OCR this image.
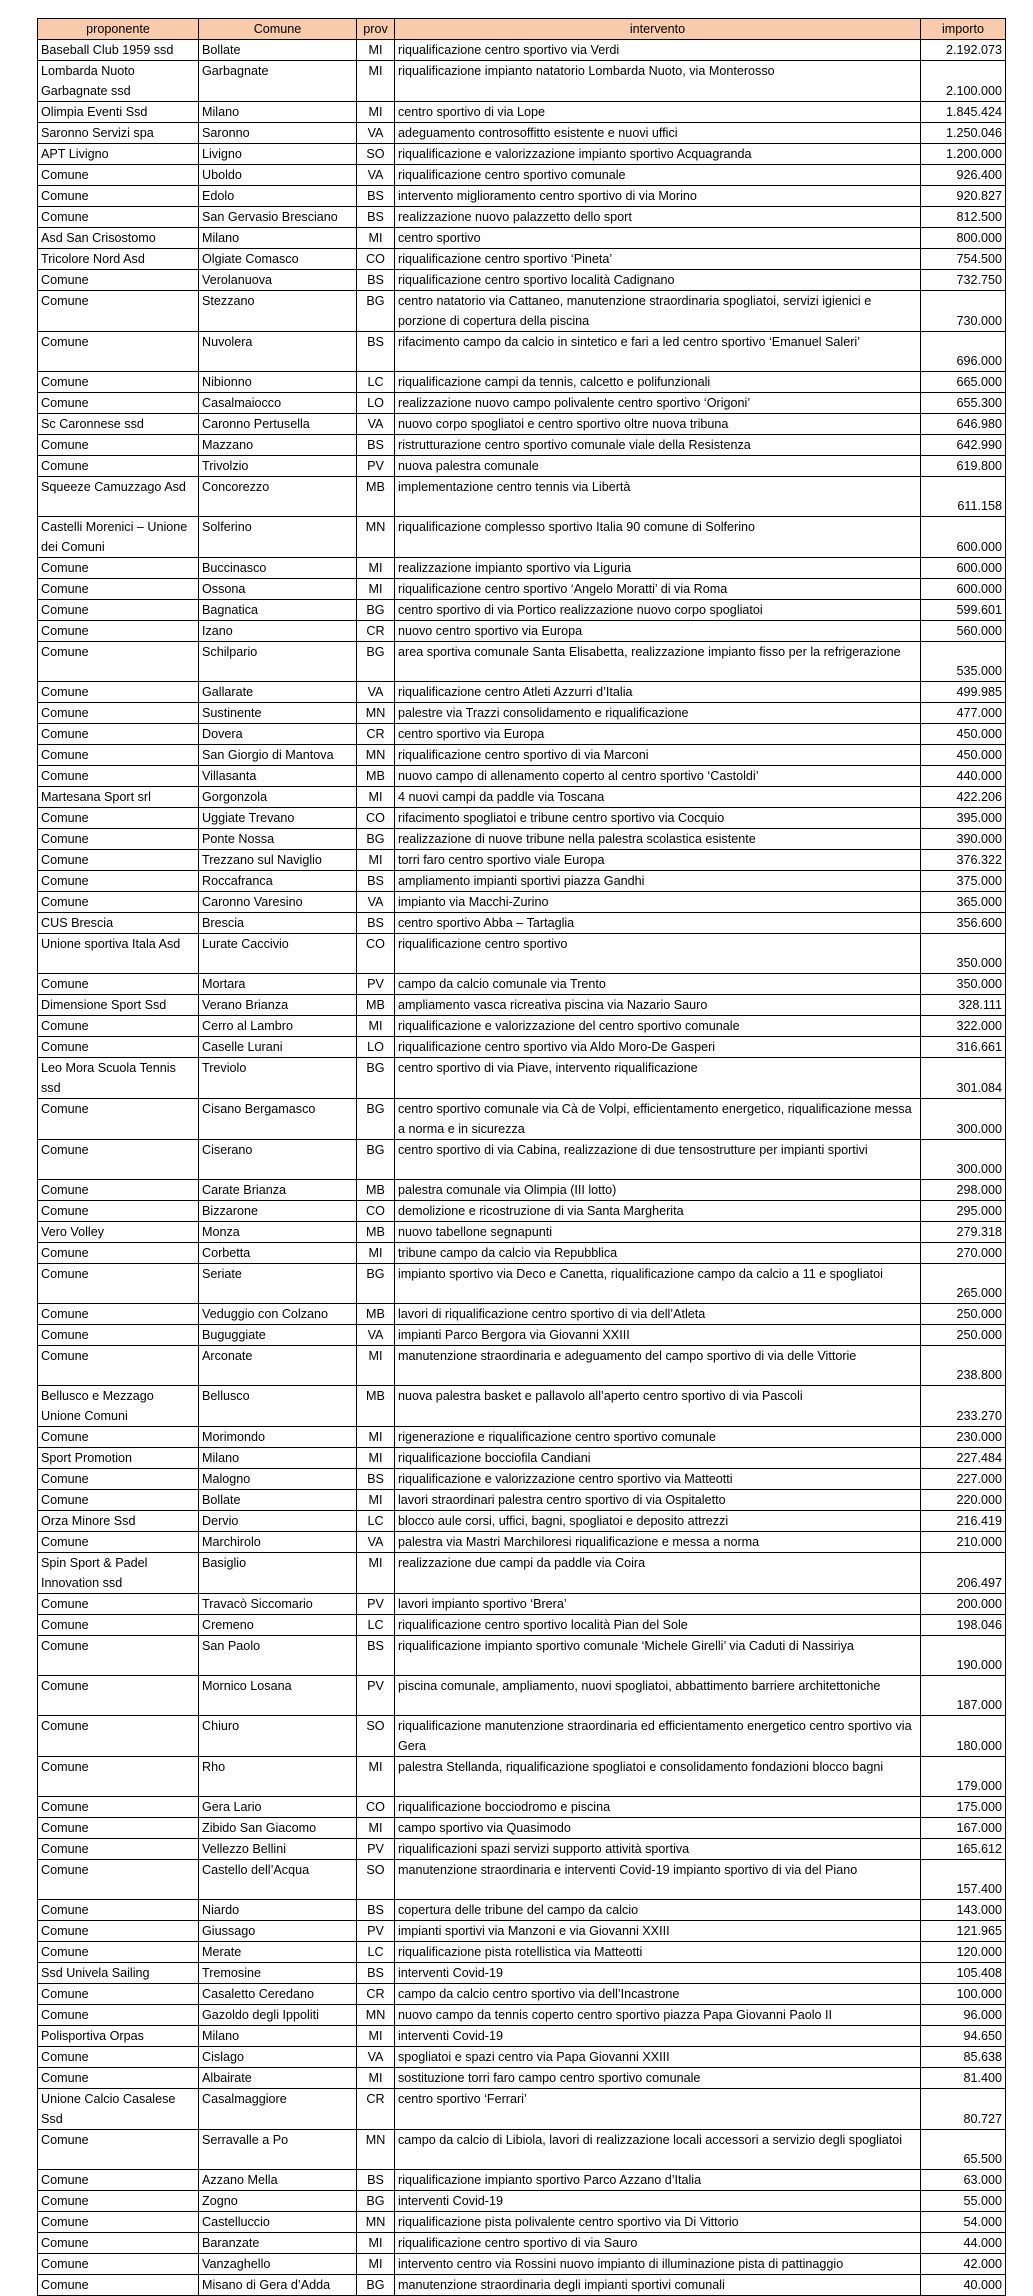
proponente	Comune	prov	intervento	importo
Baseball Club 1959 ssd	Bollate	MI	riqualificazione centro sportivo via Verdi	2.192.073
Lombarda Nuoto Garbagnate ssd	Garbagnate	MI	riqualificazione impianto natatorio Lombarda Nuoto, via Monterosso	2.100.000
Olimpia Eventi Ssd	Milano	MI	centro sportivo di via Lope	1.845.424
Saronno Servizi spa	Saronno	VA	adeguamento controsoffitto esistente e nuovi uffici	1.250.046
APT Livigno	Livigno	SO	riqualificazione e valorizzazione impianto sportivo Acquagranda	1.200.000
Comune	Uboldo	VA	riqualificazione centro sportivo comunale	926.400
Comune	Edolo	BS	intervento miglioramento centro sportivo di via Morino	920.827
Comune	San Gervasio Bresciano	BS	realizzazione nuovo palazzetto dello sport	812.500
Asd San Crisostomo	Milano	MI	centro sportivo	800.000
Tricolore Nord Asd	Olgiate Comasco	CO	riqualificazione centro sportivo ‘Pineta’	754.500
Comune	Verolanuova	BS	riqualificazione centro sportivo località Cadignano	732.750
Comune	Stezzano	BG	centro natatorio via Cattaneo, manutenzione straordinaria spogliatoi, servizi igienici e porzione di copertura della piscina	730.000
Comune	Nuvolera	BS	rifacimento campo da calcio in sintetico e fari a led centro sportivo ‘Emanuel Saleri’	696.000
Comune	Nibionno	LC	riqualificazione campi da tennis, calcetto e polifunzionali	665.000
Comune	Casalmaiocco	LO	realizzazione nuovo campo polivalente centro sportivo ‘Origoni’	655.300
Sc Caronnese ssd	Caronno Pertusella	VA	nuovo corpo spogliatoi e centro sportivo oltre nuova tribuna	646.980
Comune	Mazzano	BS	ristrutturazione centro sportivo comunale viale della Resistenza	642.990
Comune	Trivolzio	PV	nuova palestra comunale	619.800
Squeeze Camuzzago Asd	Concorezzo	MB	implementazione centro tennis via Libertà	611.158
Castelli Morenici – Unione dei Comuni	Solferino	MN	riqualificazione complesso sportivo Italia 90 comune di Solferino	600.000
Comune	Buccinasco	MI	realizzazione impianto sportivo via Liguria	600.000
Comune	Ossona	MI	riqualificazione centro sportivo ‘Angelo Moratti’ di via Roma	600.000
Comune	Bagnatica	BG	centro sportivo di via Portico realizzazione nuovo corpo spogliatoi	599.601
Comune	Izano	CR	nuovo centro sportivo via Europa	560.000
Comune	Schilpario	BG	area sportiva comunale Santa Elisabetta, realizzazione impianto fisso per la refrigerazione	535.000
Comune	Gallarate	VA	riqualificazione centro Atleti Azzurri d’Italia	499.985
Comune	Sustinente	MN	palestre via Trazzi consolidamento e riqualificazione	477.000
Comune	Dovera	CR	centro sportivo via Europa	450.000
Comune	San Giorgio di Mantova	MN	riqualificazione centro sportivo di via Marconi	450.000
Comune	Villasanta	MB	nuovo campo di allenamento coperto al centro sportivo ‘Castoldi’	440.000
Martesana Sport srl	Gorgonzola	MI	4 nuovi campi da paddle via Toscana	422.206
Comune	Uggiate Trevano	CO	rifacimento spogliatoi e tribune centro sportivo via Cocquio	395.000
Comune	Ponte Nossa	BG	realizzazione di nuove tribune nella palestra scolastica esistente	390.000
Comune	Trezzano sul Naviglio	MI	torri faro centro sportivo viale Europa	376.322
Comune	Roccafranca	BS	ampliamento impianti sportivi piazza Gandhi	375.000
Comune	Caronno Varesino	VA	impianto via Macchi-Zurino	365.000
CUS Brescia	Brescia	BS	centro sportivo Abba – Tartaglia	356.600
Unione sportiva Itala Asd	Lurate Caccivio	CO	riqualificazione centro sportivo	350.000
Comune	Mortara	PV	campo da calcio comunale via Trento	350.000
Dimensione Sport Ssd	Verano Brianza	MB	ampliamento vasca ricreativa piscina via Nazario Sauro	328.111
Comune	Cerro al Lambro	MI	riqualificazione e valorizzazione del centro sportivo comunale	322.000
Comune	Caselle Lurani	LO	riqualificazione centro sportivo via Aldo Moro-De Gasperi	316.661
Leo Mora Scuola Tennis ssd	Treviolo	BG	centro sportivo di via Piave, intervento riqualificazione	301.084
Comune	Cisano Bergamasco	BG	centro sportivo comunale via Cà de Volpi, efficientamento energetico, riqualificazione messa a norma e in sicurezza	300.000
Comune	Ciserano	BG	centro sportivo di via Cabina, realizzazione di due tensostrutture per impianti sportivi	300.000
Comune	Carate Brianza	MB	palestra comunale via Olimpia (III lotto)	298.000
Comune	Bizzarone	CO	demolizione e ricostruzione di via Santa Margherita	295.000
Vero Volley	Monza	MB	nuovo tabellone segnapunti	279.318
Comune	Corbetta	MI	tribune campo da calcio via Repubblica	270.000
Comune	Seriate	BG	impianto sportivo via Deco e Canetta, riqualificazione campo da calcio a 11 e spogliatoi	265.000
Comune	Veduggio con Colzano	MB	lavori di riqualificazione centro sportivo di via dell’Atleta	250.000
Comune	Buguggiate	VA	impianti Parco Bergora via Giovanni XXIII	250.000
Comune	Arconate	MI	manutenzione straordinaria e adeguamento del campo sportivo di via delle Vittorie	238.800
Bellusco e Mezzago Unione Comuni	Bellusco	MB	nuova palestra basket e pallavolo all’aperto centro sportivo di via Pascoli	233.270
Comune	Morimondo	MI	rigenerazione e riqualificazione centro sportivo comunale	230.000
Sport Promotion	Milano	MI	riqualificazione bocciofila Candiani	227.484
Comune	Malogno	BS	riqualificazione e valorizzazione centro sportivo via Matteotti	227.000
Comune	Bollate	MI	lavori straordinari palestra centro sportivo di via Ospitaletto	220.000
Orza Minore Ssd	Dervio	LC	blocco aule corsi, uffici, bagni, spogliatoi e deposito attrezzi	216.419
Comune	Marchirolo	VA	palestra via Mastri Marchiloresi riqualificazione e messa a norma	210.000
Spin Sport & Padel Innovation ssd	Basiglio	MI	realizzazione due campi da paddle via Coira	206.497
Comune	Travacò Siccomario	PV	lavori impianto sportivo ‘Brera’	200.000
Comune	Cremeno	LC	riqualificazione centro sportivo località Pian del Sole	198.046
Comune	San Paolo	BS	riqualificazione impianto sportivo comunale ‘Michele Girelli’ via Caduti di Nassiriya	190.000
Comune	Mornico Losana	PV	piscina comunale, ampliamento, nuovi spogliatoi, abbattimento barriere architettoniche	187.000
Comune	Chiuro	SO	riqualificazione manutenzione straordinaria ed efficientamento energetico centro sportivo via Gera	180.000
Comune	Rho	MI	palestra Stellanda, riqualificazione spogliatoi e consolidamento fondazioni blocco bagni	179.000
Comune	Gera Lario	CO	riqualificazione bocciodromo e piscina	175.000
Comune	Zibido San Giacomo	MI	campo sportivo via Quasimodo	167.000
Comune	Vellezzo Bellini	PV	riqualificazioni spazi servizi supporto attività sportiva	165.612
Comune	Castello dell’Acqua	SO	manutenzione straordinaria e interventi Covid-19 impianto sportivo di via del Piano	157.400
Comune	Niardo	BS	copertura delle tribune del campo da calcio	143.000
Comune	Giussago	PV	impianti sportivi via Manzoni e via Giovanni XXIII	121.965
Comune	Merate	LC	riqualificazione pista rotellistica via Matteotti	120.000
Ssd Univela Sailing	Tremosine	BS	interventi Covid-19	105.408
Comune	Casaletto Ceredano	CR	campo da calcio centro sportivo via dell’Incastrone	100.000
Comune	Gazoldo degli Ippoliti	MN	nuovo campo da tennis coperto centro sportivo piazza Papa Giovanni Paolo II	96.000
Polisportiva Orpas	Milano	MI	interventi Covid-19	94.650
Comune	Cislago	VA	spogliatoi e spazi centro via Papa Giovanni XXIII	85.638
Comune	Albairate	MI	sostituzione torri faro campo centro sportivo comunale	81.400
Unione Calcio Casalese Ssd	Casalmaggiore	CR	centro sportivo ‘Ferrari’	80.727
Comune	Serravalle a Po	MN	campo da calcio di Libiola, lavori di realizzazione locali accessori a servizio degli spogliatoi	65.500
Comune	Azzano Mella	BS	riqualificazione impianto sportivo Parco Azzano d’Italia	63.000
Comune	Zogno	BG	interventi Covid-19	55.000
Comune	Castelluccio	MN	riqualificazione pista polivalente centro sportivo via Di Vittorio	54.000
Comune	Baranzate	MI	riqualificazione centro sportivo di via Sauro	44.000
Comune	Vanzaghello	MI	intervento centro via Rossini nuovo impianto di illuminazione pista di pattinaggio	42.000
Comune	Misano di Gera d’Adda	BG	manutenzione straordinaria degli impianti sportivi comunali	40.000
